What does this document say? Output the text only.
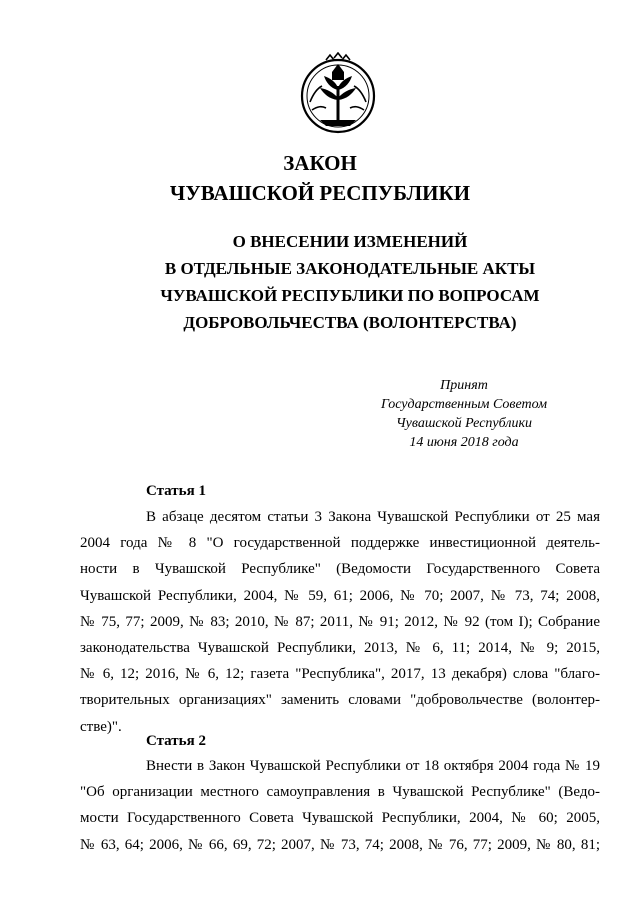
ЗАКОН
ЧУВАШСКОЙ РЕСПУБЛИКИ
О ВНЕСЕНИИ ИЗМЕНЕНИЙ
В ОТДЕЛЬНЫЕ ЗАКОНОДАТЕЛЬНЫЕ АКТЫ
ЧУВАШСКОЙ РЕСПУБЛИКИ ПО ВОПРОСАМ
ДОБРОВОЛЬЧЕСТВА (ВОЛОНТЕРСТВА)
Принят
Государственным Советом
Чувашской Республики
14 июня 2018 года
Статья 1
В абзаце десятом статьи 3 Закона Чувашской Республики от 25 мая
2004 года № 8 "О государственной поддержке инвестиционной деятель-
ности в Чувашской Республике" (Ведомости Государственного Совета
Чувашской Республики, 2004, № 59, 61; 2006, № 70; 2007, № 73, 74; 2008,
№ 75, 77; 2009, № 83; 2010, № 87; 2011, № 91; 2012, № 92 (том I); Собрание
законодательства Чувашской Республики, 2013, № 6, 11; 2014, № 9; 2015,
№ 6, 12; 2016, № 6, 12; газета "Республика", 2017, 13 декабря) слова "благо-
творительных организациях" заменить словами "добровольчестве (волонтер-
стве)".
Статья 2
Внести в Закон Чувашской Республики от 18 октября 2004 года № 19
"Об организации местного самоуправления в Чувашской Республике" (Ведо-
мости Государственного Совета Чувашской Республики, 2004, № 60; 2005,
№ 63, 64; 2006, № 66, 69, 72; 2007, № 73, 74; 2008, № 76, 77; 2009, № 80, 81;
